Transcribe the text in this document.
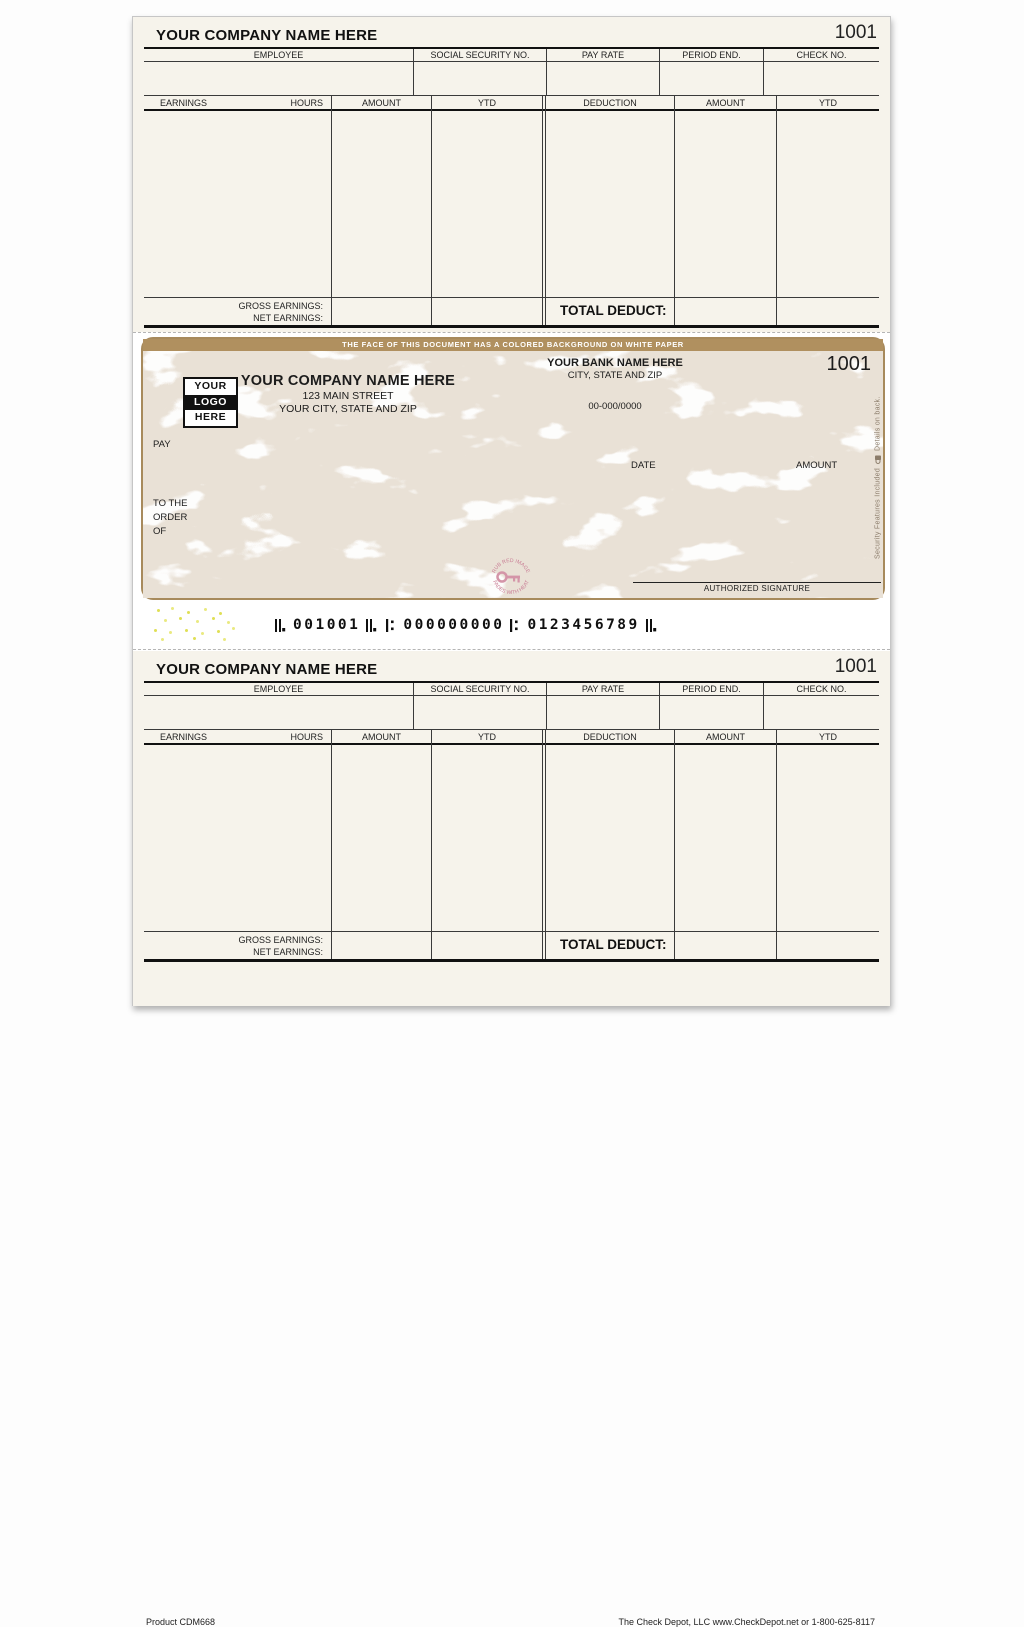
YOUR COMPANY NAME HERE	1001
EMPLOYEE	SOCIAL SECURITY NO.	PAY RATE	PERIOD END.	CHECK NO.
EARNINGS	HOURS	AMOUNT	YTD	DEDUCTION	AMOUNT	YTD
GROSS EARNINGS:
NET EARNINGS:	TOTAL DEDUCT:
THE FACE OF THIS DOCUMENT HAS A COLORED BACKGROUND ON WHITE PAPER
YOUR
LOGO
HERE
YOUR COMPANY NAME HERE
123 MAIN STREET
YOUR CITY, STATE AND ZIP
YOUR BANK NAME HERE
CITY, STATE AND ZIP
00-000/0000
1001
PAY
DATE	AMOUNT
TO THE
ORDER
OF
RUB RED IMAGE
FADES WITH HEAT
AUTHORIZED SIGNATURE
Security Features Included
Details on back.
001001	000000000 0123456789
YOUR COMPANY NAME HERE	1001
EMPLOYEE	SOCIAL SECURITY NO.	PAY RATE	PERIOD END.	CHECK NO.
EARNINGS	HOURS	AMOUNT	YTD	DEDUCTION	AMOUNT	YTD
GROSS EARNINGS:
NET EARNINGS:	TOTAL DEDUCT:
Product CDM668	The Check Depot, LLC www.CheckDepot.net or 1-800-625-8117
